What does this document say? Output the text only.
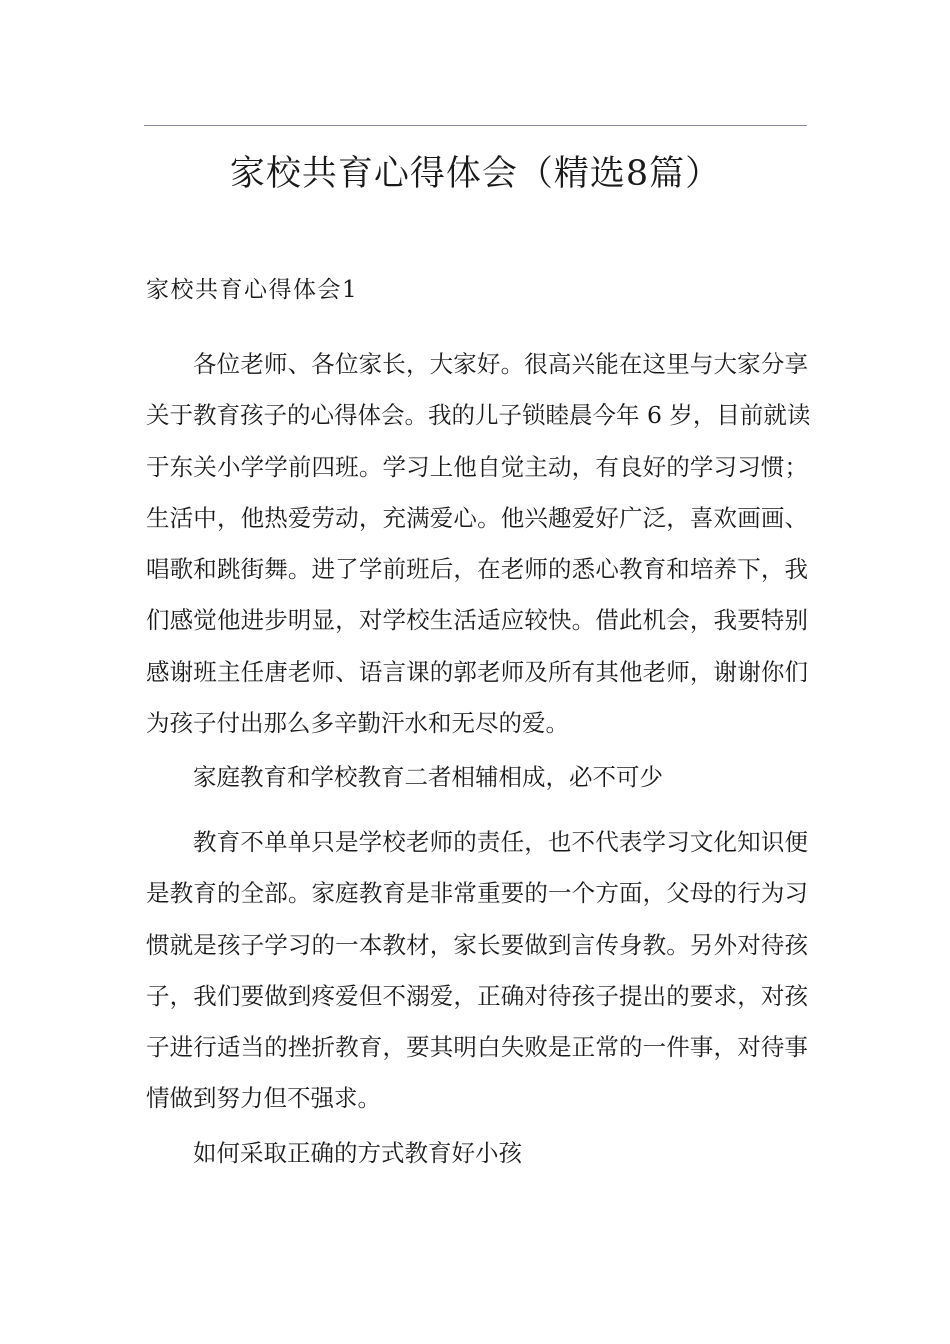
家校共育心得体会（精选8篇）
家校共育心得体会1
各位老师、各位家长，大家好。很高兴能在这里与大家分享
关于教育孩子的心得体会。我的儿子锁睦晨今年 6 岁，目前就读
于东关小学学前四班。学习上他自觉主动，有良好的学习习惯；
生活中，他热爱劳动，充满爱心。他兴趣爱好广泛，喜欢画画、
唱歌和跳街舞。进了学前班后，在老师的悉心教育和培养下，我
们感觉他进步明显，对学校生活适应较快。借此机会，我要特别
感谢班主任唐老师、语言课的郭老师及所有其他老师，谢谢你们
为孩子付出那么多辛勤汗水和无尽的爱。
家庭教育和学校教育二者相辅相成，必不可少
教育不单单只是学校老师的责任，也不代表学习文化知识便
是教育的全部。家庭教育是非常重要的一个方面，父母的行为习
惯就是孩子学习的一本教材，家长要做到言传身教。另外对待孩
子，我们要做到疼爱但不溺爱，正确对待孩子提出的要求，对孩
子进行适当的挫折教育，要其明白失败是正常的一件事，对待事
情做到努力但不强求。
如何采取正确的方式教育好小孩
